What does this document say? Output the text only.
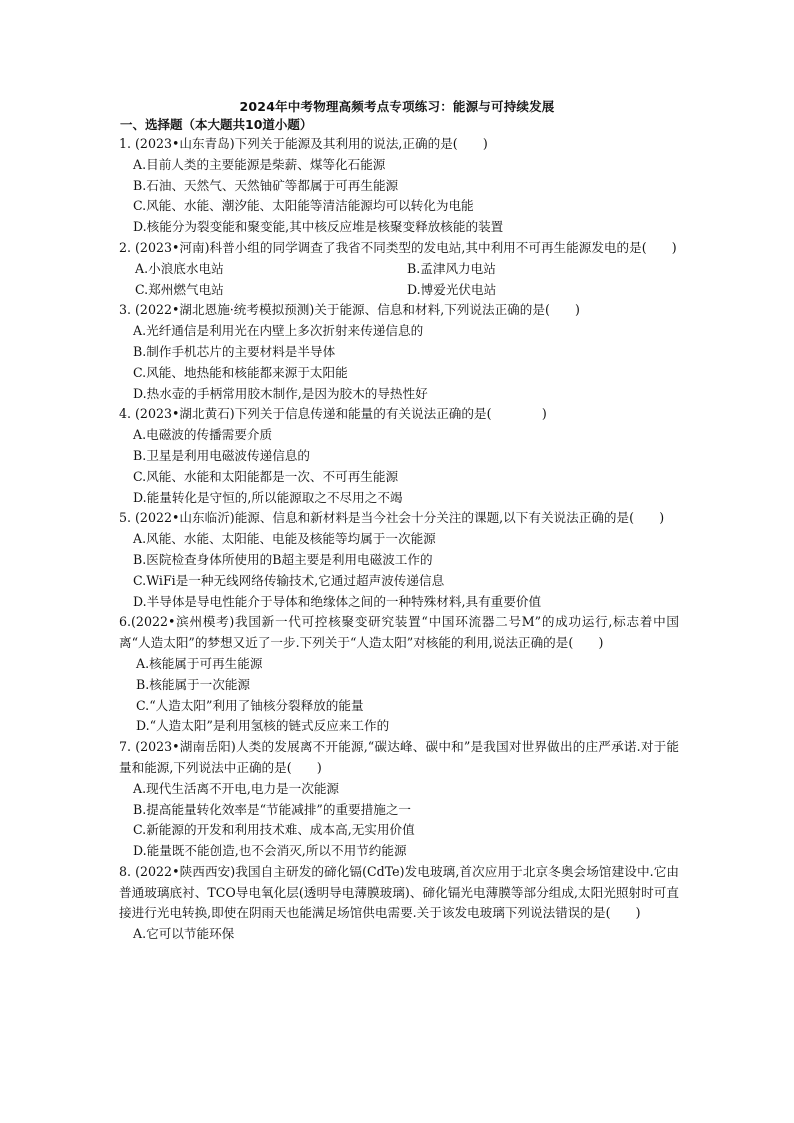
2024年中考物理高频考点专项练习：能源与可持续发展
一、选择题（本大题共10道小题）
1. (2023•山东青岛)下列关于能源及其利用的说法,正确的是(　　)
A.目前人类的主要能源是柴薪、煤等化石能源
B.石油、天然气、天然铀矿等都属于可再生能源
C.风能、水能、潮汐能、太阳能等清洁能源均可以转化为电能
D.核能分为裂变能和聚变能,其中核反应堆是核聚变释放核能的装置
2. (2023•河南)科普小组的同学调查了我省不同类型的发电站,其中利用不可再生能源发电的是(　　)
A.小浪底水电站	B.孟津风力电站
C.郑州燃气电站	D.博爱光伏电站
3. (2022•湖北恩施·统考模拟预测)关于能源、信息和材料,下列说法正确的是(　　)
A.光纤通信是利用光在内壁上多次折射来传递信息的
B.制作手机芯片的主要材料是半导体
C.风能、地热能和核能都来源于太阳能
D.热水壶的手柄常用胶木制作,是因为胶木的导热性好
4. (2023•湖北黄石)下列关于信息传递和能量的有关说法正确的是(　　　　)
A.电磁波的传播需要介质
B.卫星是利用电磁波传递信息的
C.风能、水能和太阳能都是一次、不可再生能源
D.能量转化是守恒的,所以能源取之不尽用之不竭
5. (2022•山东临沂)能源、信息和新材料是当今社会十分关注的课题,以下有关说法正确的是(　　)
A.风能、水能、太阳能、电能及核能等均属于一次能源
B.医院检查身体所使用的B超主要是利用电磁波工作的
C.WiFi是一种无线网络传输技术,它通过超声波传递信息
D.半导体是导电性能介于导体和绝缘体之间的一种特殊材料,具有重要价值
6.(2022•滨州模考)我国新一代可控核聚变研究装置“中国环流器二号M”的成功运行,标志着中国离“人造太阳”的梦想又近了一步.下列关于“人造太阳”对核能的利用,说法正确的是(　　)
A.核能属于可再生能源
B.核能属于一次能源
C.“人造太阳”利用了铀核分裂释放的能量
D.“人造太阳”是利用氢核的链式反应来工作的
7. (2023•湖南岳阳)人类的发展离不开能源,“碳达峰、碳中和”是我国对世界做出的庄严承诺.对于能量和能源,下列说法中正确的是(　　)
A.现代生活离不开电,电力是一次能源
B.提高能量转化效率是“节能减排”的重要措施之一
C.新能源的开发和利用技术难、成本高,无实用价值
D.能量既不能创造,也不会消灭,所以不用节约能源
8. (2022•陕西西安)我国自主研发的碲化镉(CdTe)发电玻璃,首次应用于北京冬奥会场馆建设中.它由普通玻璃底衬、TCO导电氧化层(透明导电薄膜玻璃)、碲化镉光电薄膜等部分组成,太阳光照射时可直接进行光电转换,即使在阴雨天也能满足场馆供电需要.关于该发电玻璃下列说法错误的是(　　)
A.它可以节能环保
